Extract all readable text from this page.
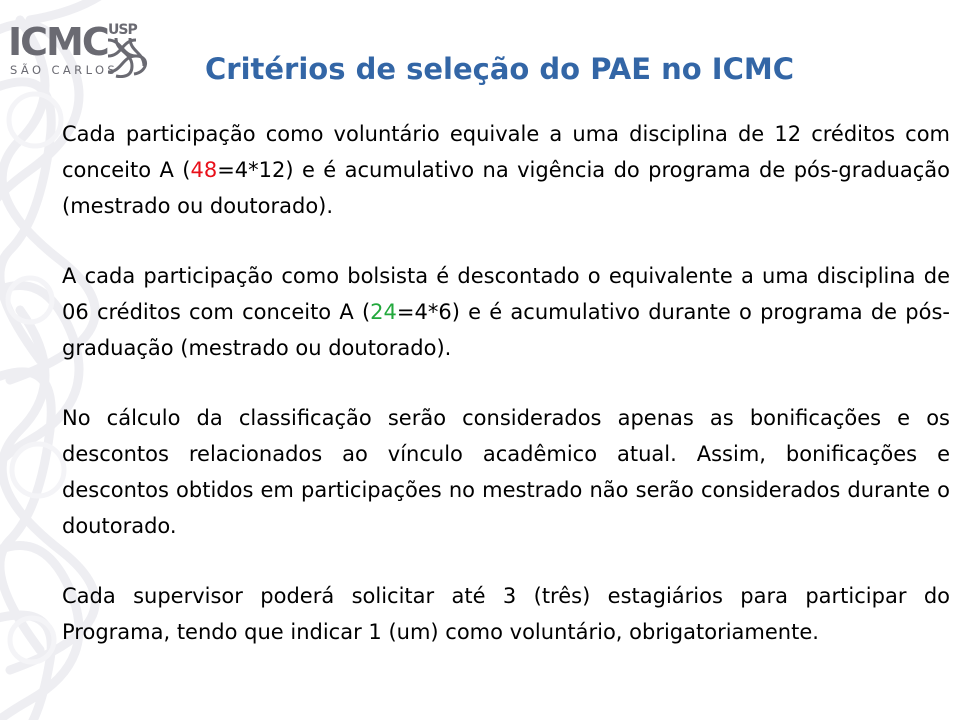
ICMC USP
SÃO CARLOS	Critérios de seleção do PAE no ICMC

Cada participação como voluntário equivale a uma disciplina de 12 créditos com conceito A (48=4*12) e é acumulativo na vigência do programa de pós-graduação (mestrado ou doutorado).

A cada participação como bolsista é descontado o equivalente a uma disciplina de 06 créditos com conceito A (24=4*6) e é acumulativo durante o programa de pós-graduação (mestrado ou doutorado).

No cálculo da classificação serão considerados apenas as bonificações e os descontos relacionados ao vínculo acadêmico atual. Assim, bonificações e descontos obtidos em participações no mestrado não serão considerados durante o doutorado.

Cada supervisor poderá solicitar até 3 (três) estagiários para participar do Programa, tendo que indicar 1 (um) como voluntário, obrigatoriamente.
